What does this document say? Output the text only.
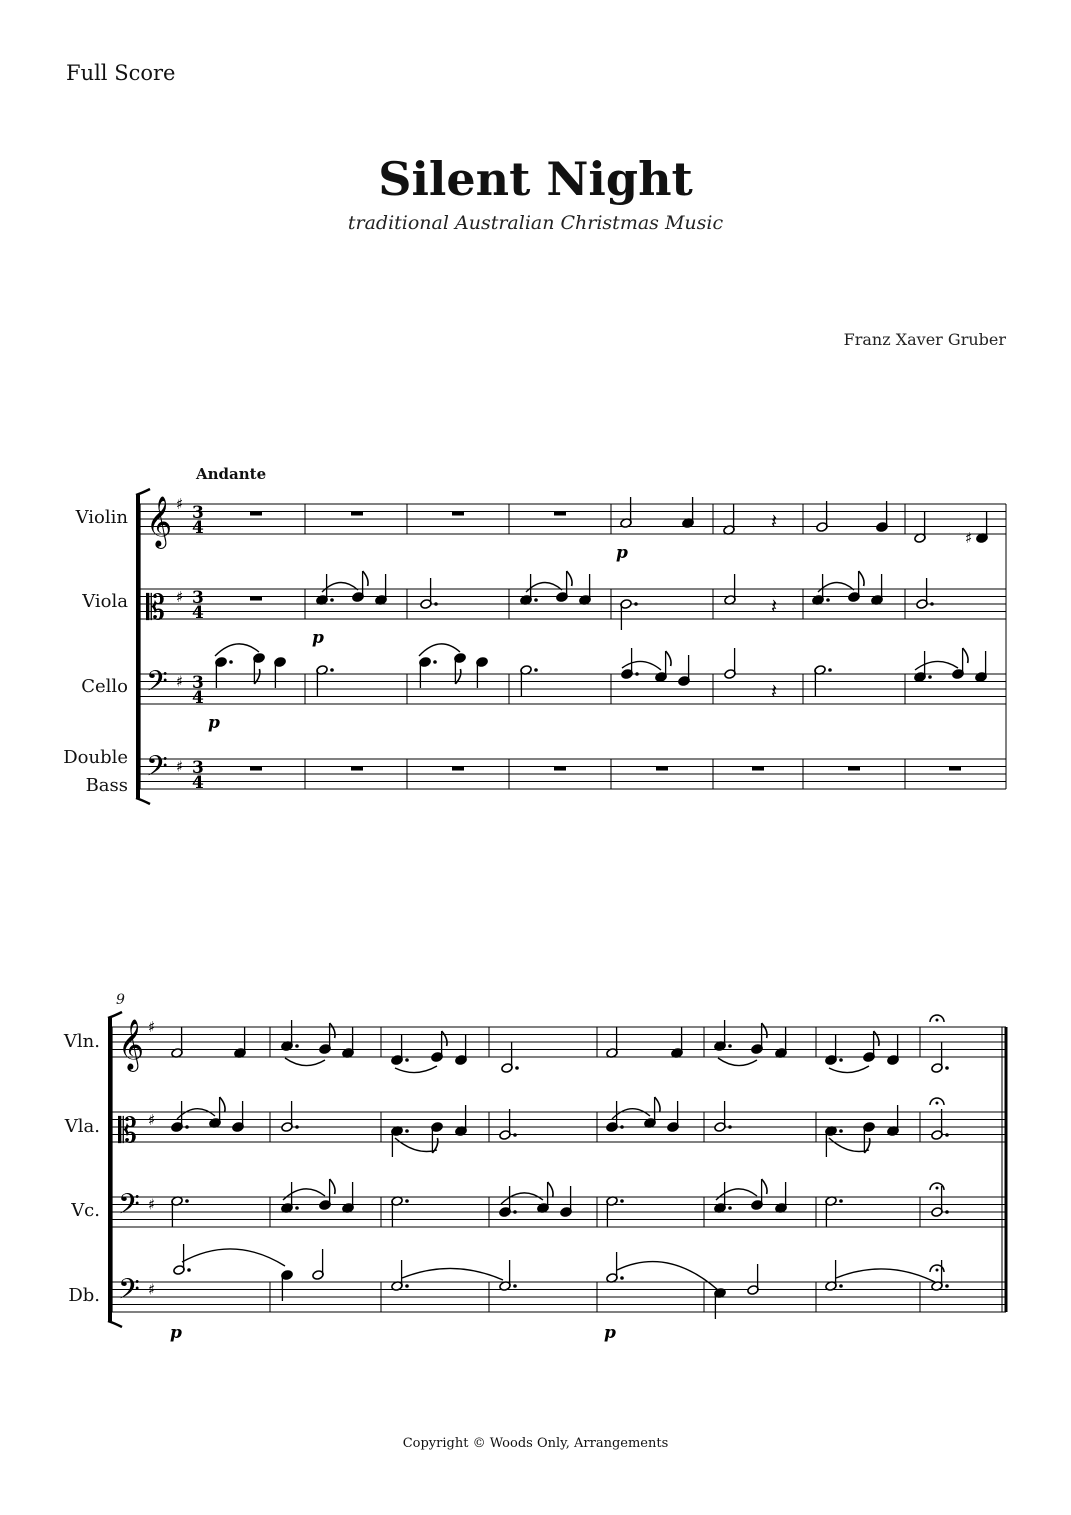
Full Score
Silent Night
traditional Australian Christmas Music
Franz Xaver Gruber
Andante
9
Violin
Viola
Cello
Double
Bass
Vln.
Vla.
Vc.
Db.
𝄞 ♯ 3
4
𝄡 ♯ 3
4
𝄢 ♯ 3
4
𝄢 ♯ 3
4
𝄽
♯
p
𝄽
p
𝄽
p
𝄞 ♯
𝄡 ♯
𝄢 ♯
𝄢 ♯
p	p
Copyright © Woods Only, Arrangements
